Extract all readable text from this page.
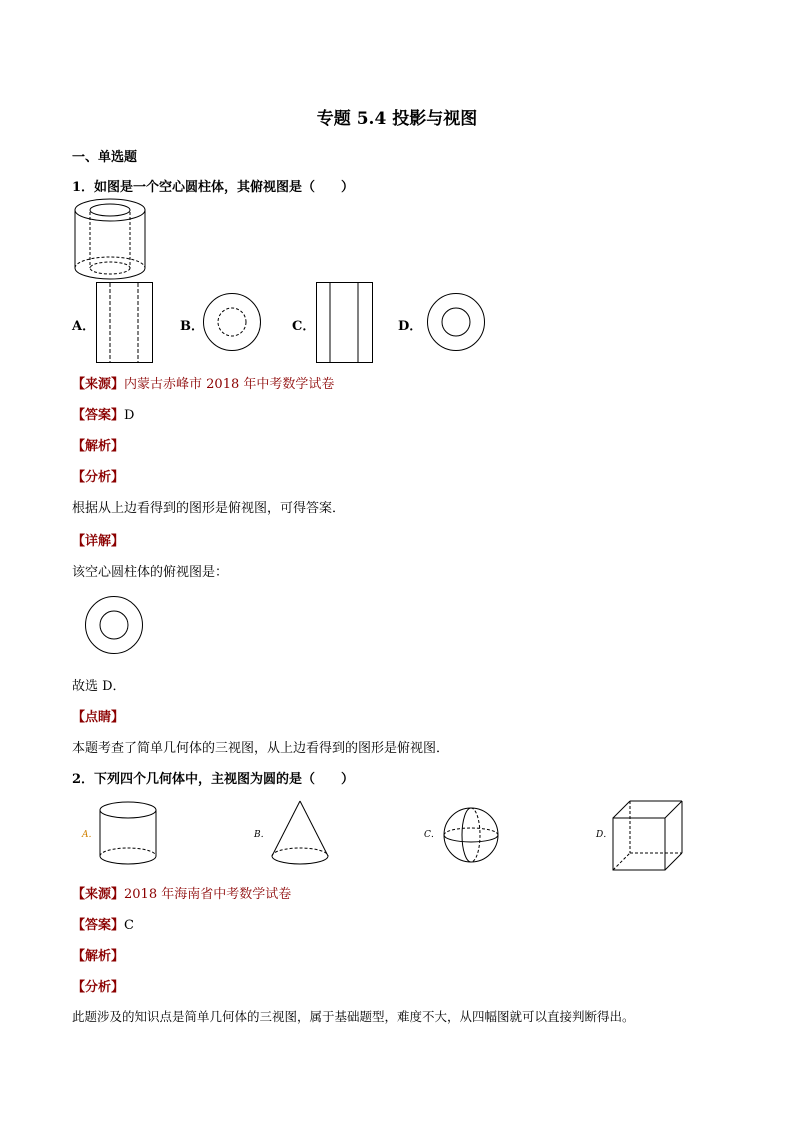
专题 5.4 投影与视图
一、单选题
1．如图是一个空心圆柱体，其俯视图是（　　）
A．	B．	C．	D．
【来源】内蒙古赤峰市 2018 年中考数学试卷
【答案】D
【解析】
【分析】
根据从上边看得到的图形是俯视图，可得答案．
【详解】
该空心圆柱体的俯视图是：
故选 D．
【点睛】
本题考查了简单几何体的三视图，从上边看得到的图形是俯视图．
2．下列四个几何体中，主视图为圆的是（　　）
A．	B．	C．	D．
【来源】2018 年海南省中考数学试卷
【答案】C
【解析】
【分析】
此题涉及的知识点是简单几何体的三视图，属于基础题型，难度不大，从四幅图就可以直接判断得出。
